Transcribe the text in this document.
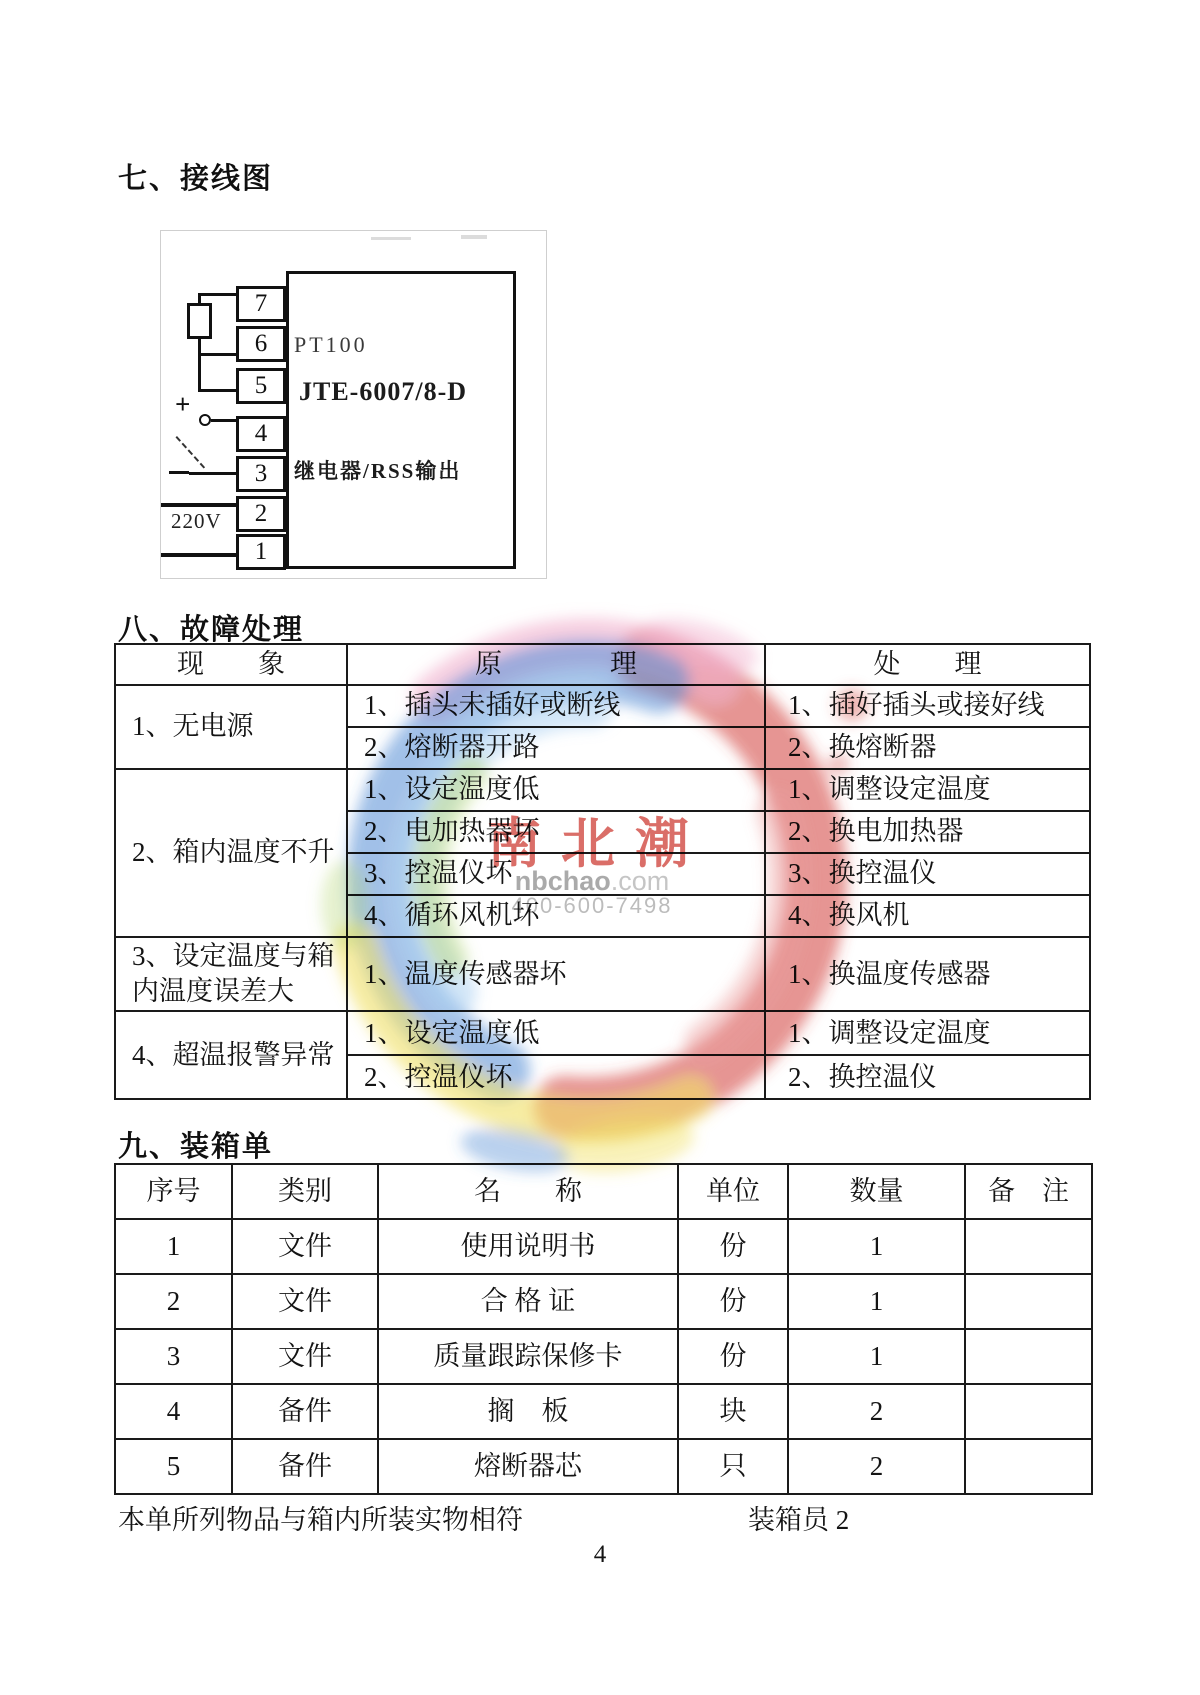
七、接线图
PT100
JTE-6007/8-D
继电器/RSS输出
+
220V
7
6
5
4
3
2
1
八、故障处理
现　　象	原　　　　理	处　　理
1、无电源	1、插头未插好或断线	1、插好插头或接好线
	2、熔断器开路	2、换熔断器
2、箱内温度不升	1、设定温度低	1、调整设定温度
	2、电加热器坏	2、换电加热器
	3、控温仪坏	3、换控温仪
	4、循环风机坏	4、换风机
3、设定温度与箱内温度误差大	1、温度传感器坏	1、换温度传感器
4、超温报警异常	1、设定温度低	1、调整设定温度
	2、控温仪坏	2、换控温仪
九、装箱单
序号	类别	名　　称	单位	数量	备　注
1	文件	使用说明书	份	1	
2	文件	合 格 证	份	1	
3	文件	质量跟踪保修卡	份	1	
4	备件	搁　板	块	2	
5	备件	熔断器芯	只	2	
南北潮
nbchao.com
400-600-7498
本单所列物品与箱内所装实物相符	装箱员 2
4
